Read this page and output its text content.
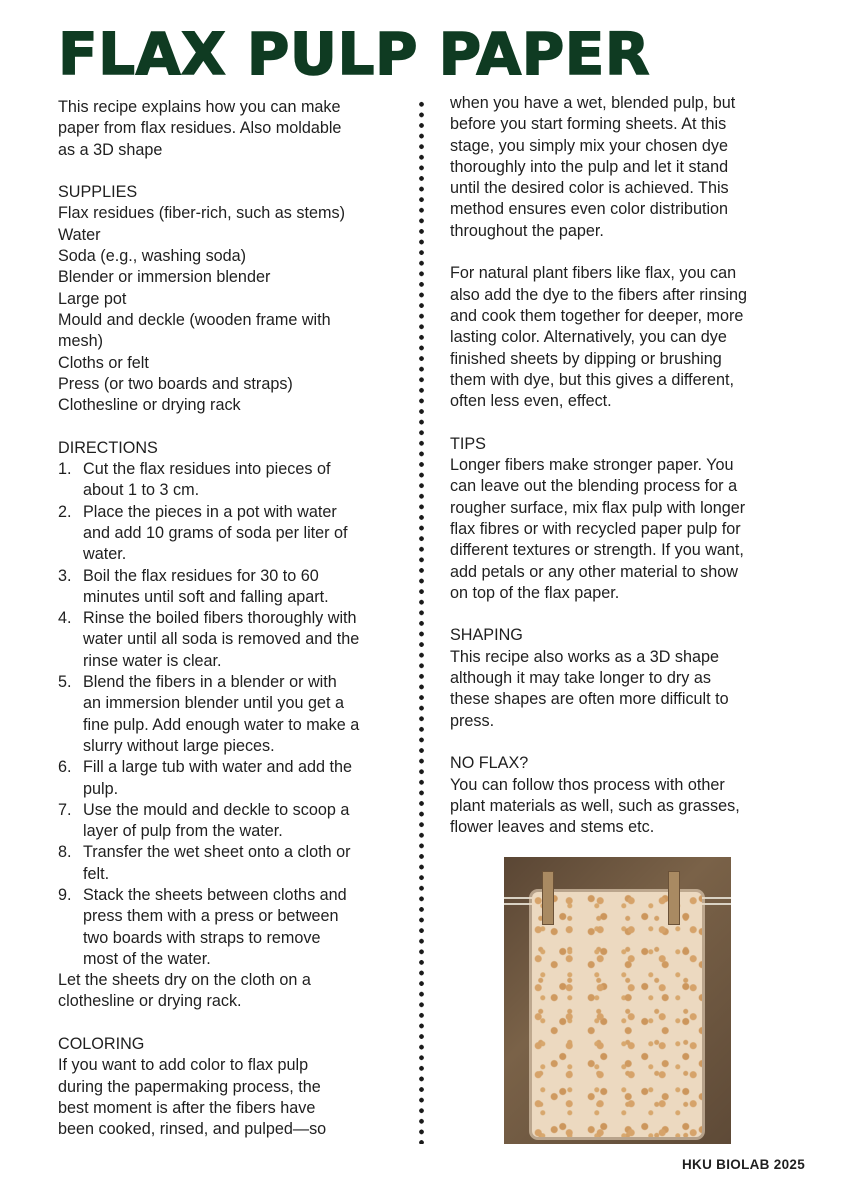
FLAX PULP PAPER

This recipe explains how you can make

paper from flax residues. Also moldable

as a 3D shape

SUPPLIES

Flax residues (fiber-rich, such as stems)

Water

Soda (e.g., washing soda)

Blender or immersion blender

Large pot

Mould and deckle (wooden frame with

mesh)

Cloths or felt

Press (or two boards and straps)

Clothesline or drying rack

DIRECTIONS

1. Cut the flax residues into pieces of

about 1 to 3 cm.

2. Place the pieces in a pot with water

and add 10 grams of soda per liter of

water.

3. Boil the flax residues for 30 to 60

minutes until soft and falling apart.

4. Rinse the boiled fibers thoroughly with

water until all soda is removed and the

rinse water is clear.

5. Blend the fibers in a blender or with

an immersion blender until you get a

fine pulp. Add enough water to make a

slurry without large pieces.

6. Fill a large tub with water and add the

pulp.

7. Use the mould and deckle to scoop a

layer of pulp from the water.

8. Transfer the wet sheet onto a cloth or

felt.

9. Stack the sheets between cloths and

press them with a press or between

two boards with straps to remove

most of the water.

Let the sheets dry on the cloth on a

clothesline or drying rack.

COLORING

If you want to add color to flax pulp

during the papermaking process, the

best moment is after the fibers have

been cooked, rinsed, and pulped—so

when you have a wet, blended pulp, but

before you start forming sheets. At this

stage, you simply mix your chosen dye

thoroughly into the pulp and let it stand

until the desired color is achieved. This

method ensures even color distribution

throughout the paper.

For natural plant fibers like flax, you can

also add the dye to the fibers after rinsing

and cook them together for deeper, more

lasting color. Alternatively, you can dye

finished sheets by dipping or brushing

them with dye, but this gives a different,

often less even, effect.

TIPS

Longer fibers make stronger paper. You

can leave out the blending process for a

rougher surface, mix flax pulp with longer

flax fibres or with recycled paper pulp for

different textures or strength. If you want,

add petals or any other material to show

on top of the flax paper.

SHAPING

This recipe also works as a 3D shape

although it may take longer to dry as

these shapes are often more difficult to

press.

NO FLAX?

You can follow thos process with other

plant materials as well, such as grasses,

flower leaves and stems etc.

HKU BIOLAB 2025
